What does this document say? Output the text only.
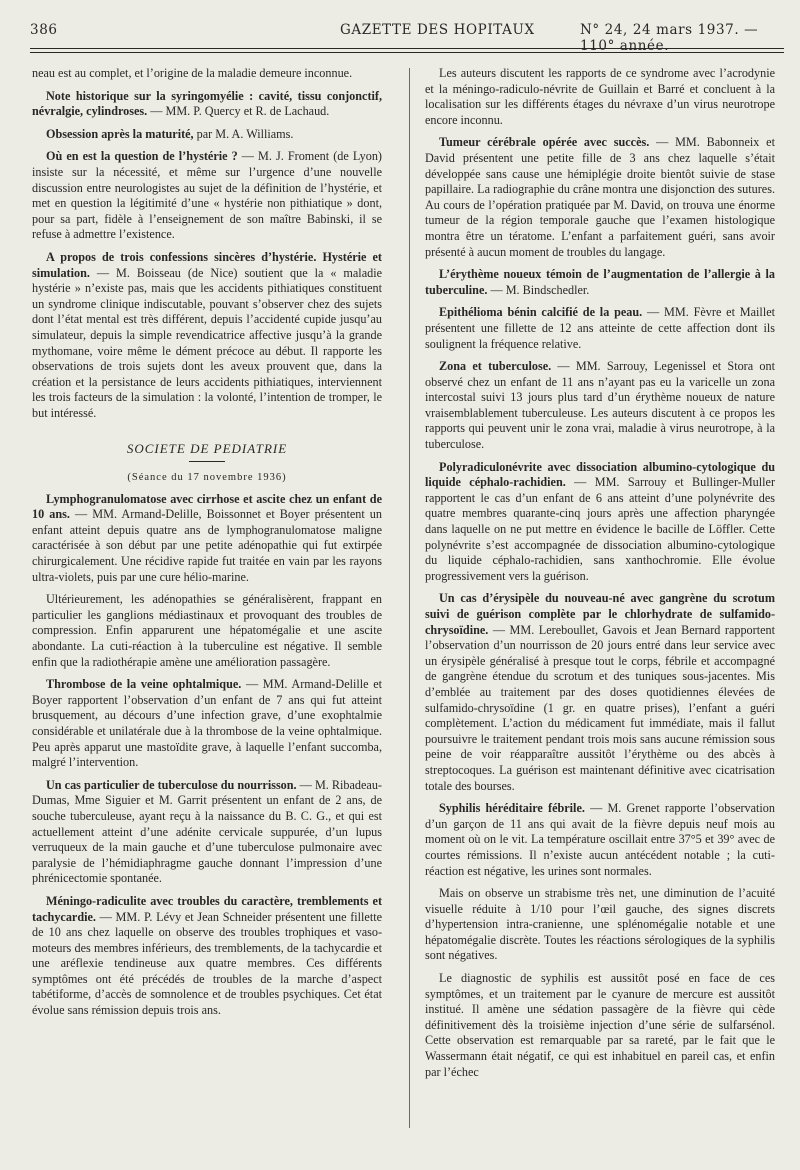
386	GAZETTE DES HOPITAUX	N° 24, 24 mars 1937. — 110° année.

neau est au complet, et l’origine de la maladie demeure inconnue.

Note historique sur la syringomyélie : cavité, tissu conjonctif, névralgie, cylindroses. — MM. P. Quercy et R. de Lachaud.

Obsession après la maturité, par M. A. Williams.

Où en est la question de l’hystérie ? — M. J. Froment (de Lyon) insiste sur la nécessité, et même sur l’urgence d’une nouvelle discussion entre neurologistes au sujet de la définition de l’hystérie, et met en question la légitimité d’une « hystérie non pithiatique » dont, pour sa part, fidèle à l’enseignement de son maître Babinski, il se refuse à admettre l’existence.

A propos de trois confessions sincères d’hystérie. Hystérie et simulation. — M. Boisseau (de Nice) soutient que la « maladie hystérie » n’existe pas, mais que les accidents pithiatiques constituent un syndrome clinique indiscutable, pouvant s’observer chez des sujets dont l’état mental est très différent, depuis l’accidenté cupide jusqu’au simulateur, depuis la simple revendicatrice affective jusqu’à la grande mythomane, voire même le dément précoce au début. Il rapporte les observations de trois sujets dont les aveux prouvent que, dans la création et la persistance de leurs accidents pithiatiques, interviennent les trois facteurs de la simulation : la volonté, l’intention de tromper, le but intéressé.

SOCIETE DE PEDIATRIE
(Séance du 17 novembre 1936)

Lymphogranulomatose avec cirrhose et ascite chez un enfant de 10 ans. — MM. Armand-Delille, Boissonnet et Boyer présentent un enfant atteint depuis quatre ans de lymphogranulomatose maligne caractérisée à son début par une petite adénopathie qui fut extirpée chirurgicalement. Une récidive rapide fut traitée en vain par les rayons ultra-violets, puis par une cure hélio-marine.

Ultérieurement, les adénopathies se généralisèrent, frappant en particulier les ganglions médiastinaux et provoquant des troubles de compression. Enfin apparurent une hépatomégalie et une ascite abondante. La cuti-réaction à la tuberculine est négative. Il semble enfin que la radiothérapie amène une amélioration passagère.

Thrombose de la veine ophtalmique. — MM. Armand-Delille et Boyer rapportent l’observation d’un enfant de 7 ans qui fut atteint brusquement, au décours d’une infection grave, d’une exophtalmie considérable et unilatérale due à la thrombose de la veine ophtalmique. Peu après apparut une mastoïdite grave, à laquelle l’enfant succomba, malgré l’intervention.

Un cas particulier de tuberculose du nourrisson. — M. Ribadeau-Dumas, Mme Siguier et M. Garrit présentent un enfant de 2 ans, de souche tuberculeuse, ayant reçu à la naissance du B. C. G., et qui est actuellement atteint d’une adénite cervicale suppurée, d’un lupus verruqueux de la main gauche et d’une tuberculose pulmonaire avec paralysie de l’hémidiaphragme gauche donnant l’impression d’une phrénicectomie spontanée.

Méningo-radiculite avec troubles du caractère, tremblements et tachycardie. — MM. P. Lévy et Jean Schneider présentent une fillette de 10 ans chez laquelle on observe des troubles trophiques et vaso-moteurs des membres inférieurs, des tremblements, de la tachycardie et une aréflexie tendineuse aux quatre membres. Ces différents symptômes ont été précédés de troubles de la marche d’aspect tabétiforme, d’accès de somnolence et de troubles psychiques. Cet état évolue sans rémission depuis trois ans.

Les auteurs discutent les rapports de ce syndrome avec l’acrodynie et la méningo-radiculo-névrite de Guillain et Barré et concluent à la localisation sur les différents étages du névraxe d’un virus neurotrope encore inconnu.

Tumeur cérébrale opérée avec succès. — MM. Babonneix et David présentent une petite fille de 3 ans chez laquelle s’était développée sans cause une hémiplégie droite bientôt suivie de stase papillaire. La radiographie du crâne montra une disjonction des sutures. Au cours de l’opération pratiquée par M. David, on trouva une énorme tumeur de la région temporale gauche que l’examen histologique montra être un tératome. L’enfant a parfaitement guéri, sans avoir présenté à aucun moment de troubles du langage.

L’érythème noueux témoin de l’augmentation de l’allergie à la tuberculine. — M. Bindschedler.

Epithélioma bénin calcifié de la peau. — MM. Fèvre et Maillet présentent une fillette de 12 ans atteinte de cette affection dont ils soulignent la fréquence relative.

Zona et tuberculose. — MM. Sarrouy, Legenissel et Stora ont observé chez un enfant de 11 ans n’ayant pas eu la varicelle un zona intercostal suivi 13 jours plus tard d’un érythème noueux de nature vraisemblablement tuberculeuse. Les auteurs discutent à ce propos les rapports qui peuvent unir le zona vrai, maladie à virus neurotrope, à la tuberculose.

Polyradiculonévrite avec dissociation albumino-cytologique du liquide céphalo-rachidien. — MM. Sarrouy et Bullinger-Muller rapportent le cas d’un enfant de 6 ans atteint d’une polynévrite des quatre membres quarante-cinq jours après une affection pharyngée dans laquelle on ne put mettre en évidence le bacille de Löffler. Cette polynévrite s’est accompagnée de dissociation albumino-cytologique du liquide céphalo-rachidien, sans xanthochromie. Elle évolue progressivement vers la guérison.

Un cas d’érysipèle du nouveau-né avec gangrène du scrotum suivi de guérison complète par le chlorhydrate de sulfamido-chrysoïdine. — MM. Lereboullet, Gavois et Jean Bernard rapportent l’observation d’un nourrisson de 20 jours entré dans leur service avec un érysipèle généralisé à presque tout le corps, fébrile et accompagné de gangrène étendue du scrotum et des tuniques sous-jacentes. Mis d’emblée au traitement par des doses quotidiennes élevées de sulfamido-chrysoïdine (1 gr. en quatre prises), l’enfant a guéri complètement. L’action du médicament fut immédiate, mais il fallut poursuivre le traitement pendant trois mois sans aucune rémission sous peine de voir réapparaître aussitôt l’érythème ou des abcès à streptocoques. La guérison est maintenant définitive avec cicatrisation totale des bourses.

Syphilis héréditaire fébrile. — M. Grenet rapporte l’observation d’un garçon de 11 ans qui avait de la fièvre depuis neuf mois au moment où on le vit. La température oscillait entre 37°5 et 39° avec de courtes rémissions. Il n’existe aucun antécédent notable ; la cuti-réaction est négative, les urines sont normales.

Mais on observe un strabisme très net, une diminution de l’acuité visuelle réduite à 1/10 pour l’œil gauche, des signes discrets d’hypertension intra-cranienne, une splénomégalie notable et une hépatomégalie discrète. Toutes les réactions sérologiques de la syphilis sont négatives.

Le diagnostic de syphilis est aussitôt posé en face de ces symptômes, et un traitement par le cyanure de mercure est aussitôt institué. Il amène une sédation passagère de la fièvre qui cède définitivement dès la troisième injection d’une série de sulfarsénol. Cette observation est remarquable par sa rareté, par le fait que le Wassermann était négatif, ce qui est inhabituel en pareil cas, et enfin par l’échec
